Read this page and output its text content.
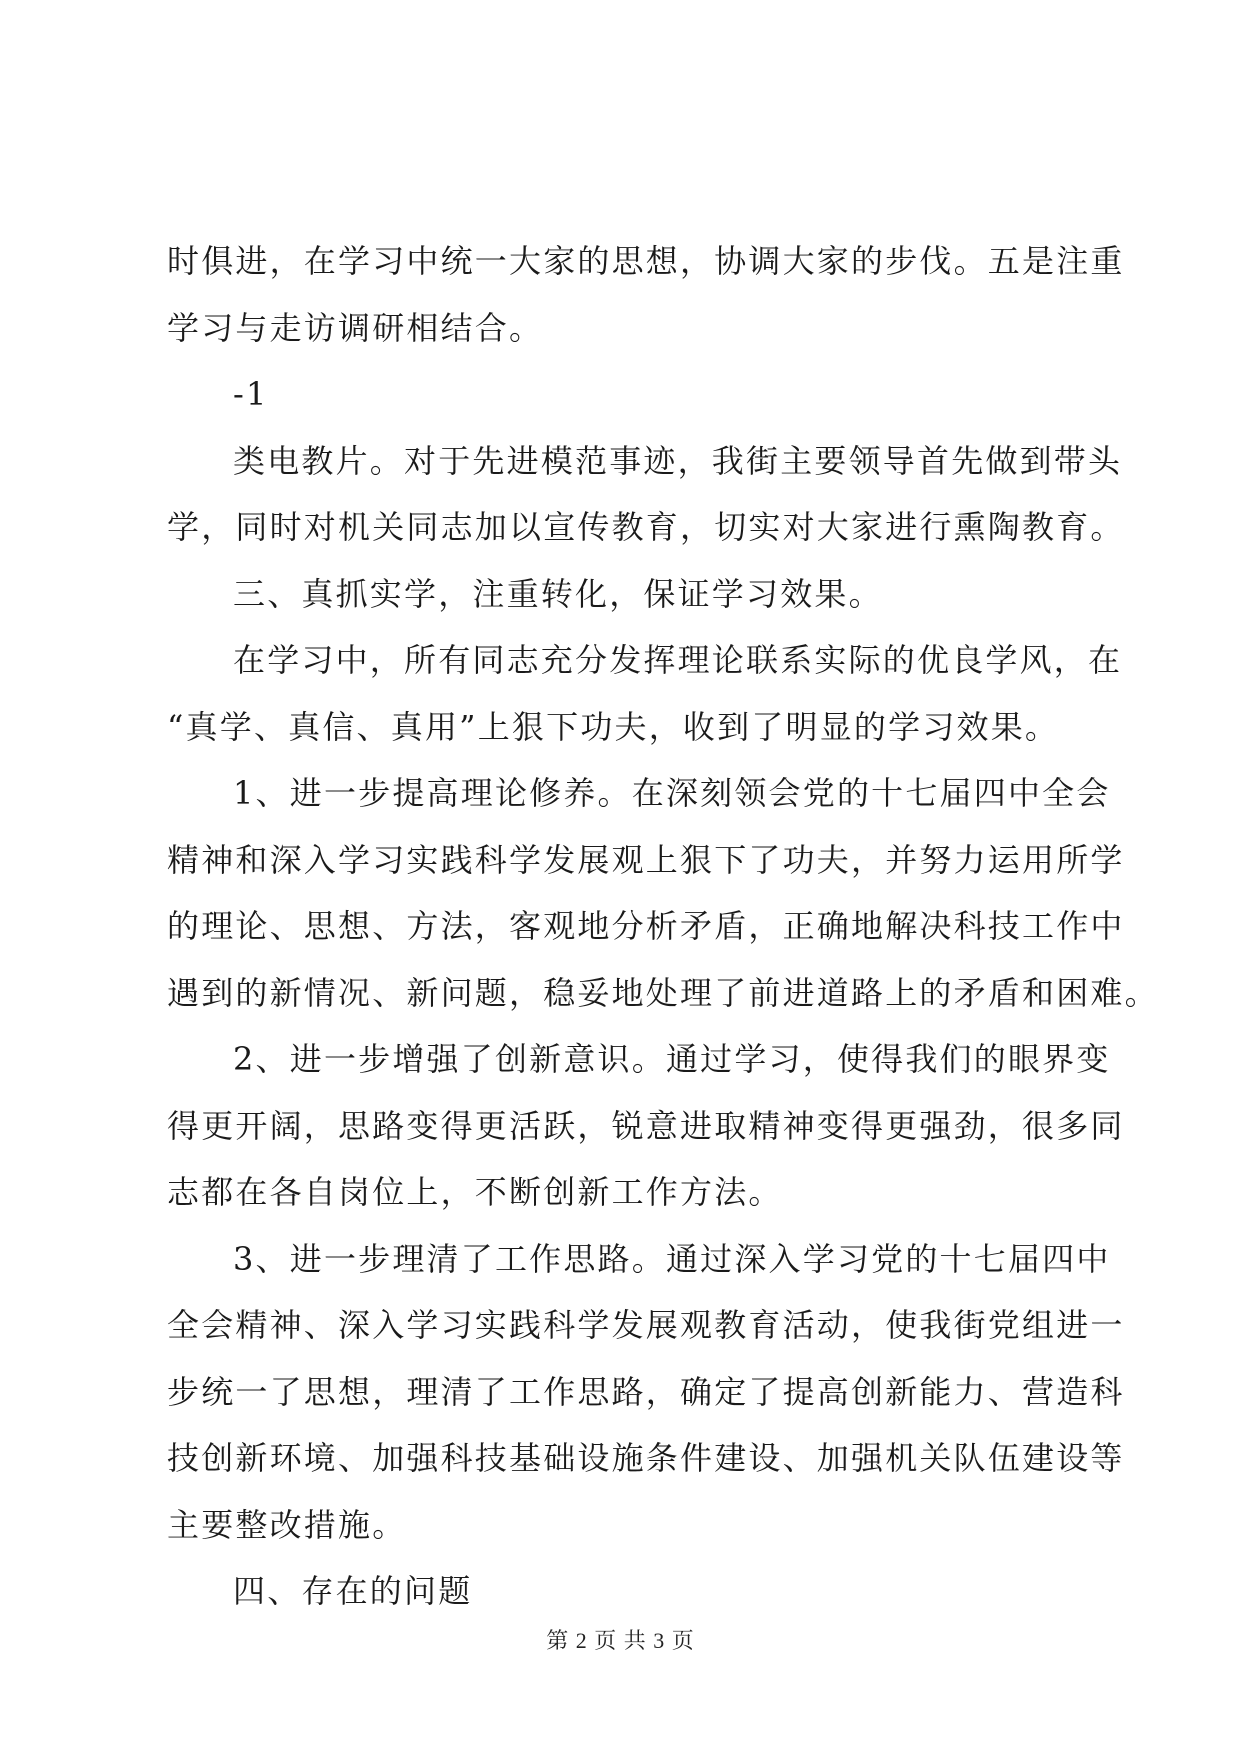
时俱进，在学习中统一大家的思想，协调大家的步伐。五是注重
学习与走访调研相结合。
-1
类电教片。对于先进模范事迹，我街主要领导首先做到带头
学，同时对机关同志加以宣传教育，切实对大家进行熏陶教育。
三、真抓实学，注重转化，保证学习效果。
在学习中，所有同志充分发挥理论联系实际的优良学风，在
“真学、真信、真用”上狠下功夫，收到了明显的学习效果。
1、进一步提高理论修养。在深刻领会党的十七届四中全会
精神和深入学习实践科学发展观上狠下了功夫，并努力运用所学
的理论、思想、方法，客观地分析矛盾，正确地解决科技工作中
遇到的新情况、新问题，稳妥地处理了前进道路上的矛盾和困难。
2、进一步增强了创新意识。通过学习，使得我们的眼界变
得更开阔，思路变得更活跃，锐意进取精神变得更强劲，很多同
志都在各自岗位上，不断创新工作方法。
3、进一步理清了工作思路。通过深入学习党的十七届四中
全会精神、深入学习实践科学发展观教育活动，使我街党组进一
步统一了思想，理清了工作思路，确定了提高创新能力、营造科
技创新环境、加强科技基础设施条件建设、加强机关队伍建设等
主要整改措施。
四、存在的问题
第 2 页 共 3 页
